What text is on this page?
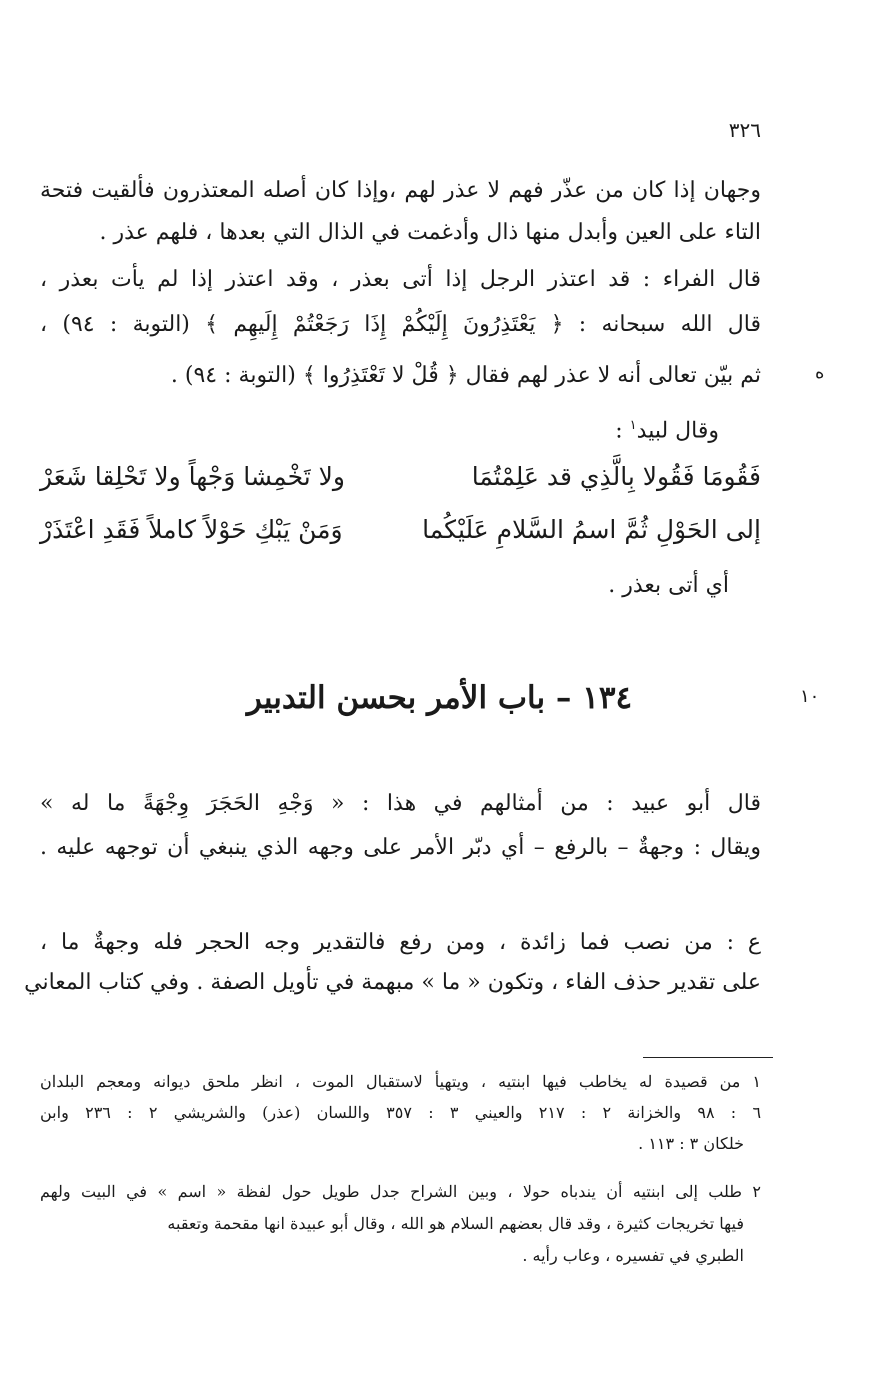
٣٢٦
وجهان إذا كان من عذّر فهم لا عذر لهم ،وإذا كان أصله المعتذرون فألقيت فتحة
التاء على العين وأبدل منها ذال وأدغمت في الذال التي بعدها ، فلهم عذر .
قال الفراء : قد اعتذر الرجل إذا أتى بعذر ، وقد اعتذر إذا لم يأت بعذر ،
قال الله سبحانه : ﴿ يَعْتَذِرُونَ إِلَيْكُمْ إِذَا رَجَعْتُمْ إِلَيهِم ﴾ (التوبة : ٩٤) ،
ثم بيّن تعالى أنه لا عذر لهم فقال ﴿ قُلْ لا تَعْتَذِرُوا ﴾ (التوبة : ٩٤) .	ه
وقال لبيد$^١$ :
فَقُومَا فَقُولا بِالَّذِي قد عَلِمْتُمَا
ولا تَخْمِشا وَجْهاً ولا تَحْلِقا شَعَرْ
إلى الحَوْلِ ثُمَّ اسمُ السَّلامِ عَلَيْكُما
وَمَنْ يَبْكِ حَوْلاً كاملاً فَقَدِ اعْتَذَرْ
أي أتى بعذر .
١٣٤ – باب الأمر بحسن التدبير	١٠
قال أبو عبيد : من أمثالهم في هذا : « وَجْهِ الحَجَرَ وِجْهَةً ما له »
ويقال : وجهةٌ – بالرفع – أي دبّر الأمر على وجهه الذي ينبغي أن توجهه عليه .
ع : من نصب فما زائدة ، ومن رفع فالتقدير وجه الحجر فله وجهةٌ ما ،
على تقدير حذف الفاء ، وتكون « ما » مبهمة في تأويل الصفة . وفي كتاب المعاني
١ من قصيدة له يخاطب فيها ابنتيه ، ويتهيأ لاستقبال الموت ، انظر ملحق ديوانه ومعجم البلدان
٦ : ٩٨ والخزانة ٢ : ٢١٧ والعيني ٣ : ٣٥٧ واللسان (عذر) والشريشي ٢ : ٢٣٦ وابن
خلكان ٣ : ١١٣ .
٢ طلب إلى ابنتيه أن يندباه حولا ، وبين الشراح جدل طويل حول لفظة « اسم » في البيت ولهم
فيها تخريجات كثيرة ، وقد قال بعضهم السلام هو الله ، وقال أبو عبيدة انها مقحمة وتعقبه
الطبري في تفسيره ، وعاب رأيه .
